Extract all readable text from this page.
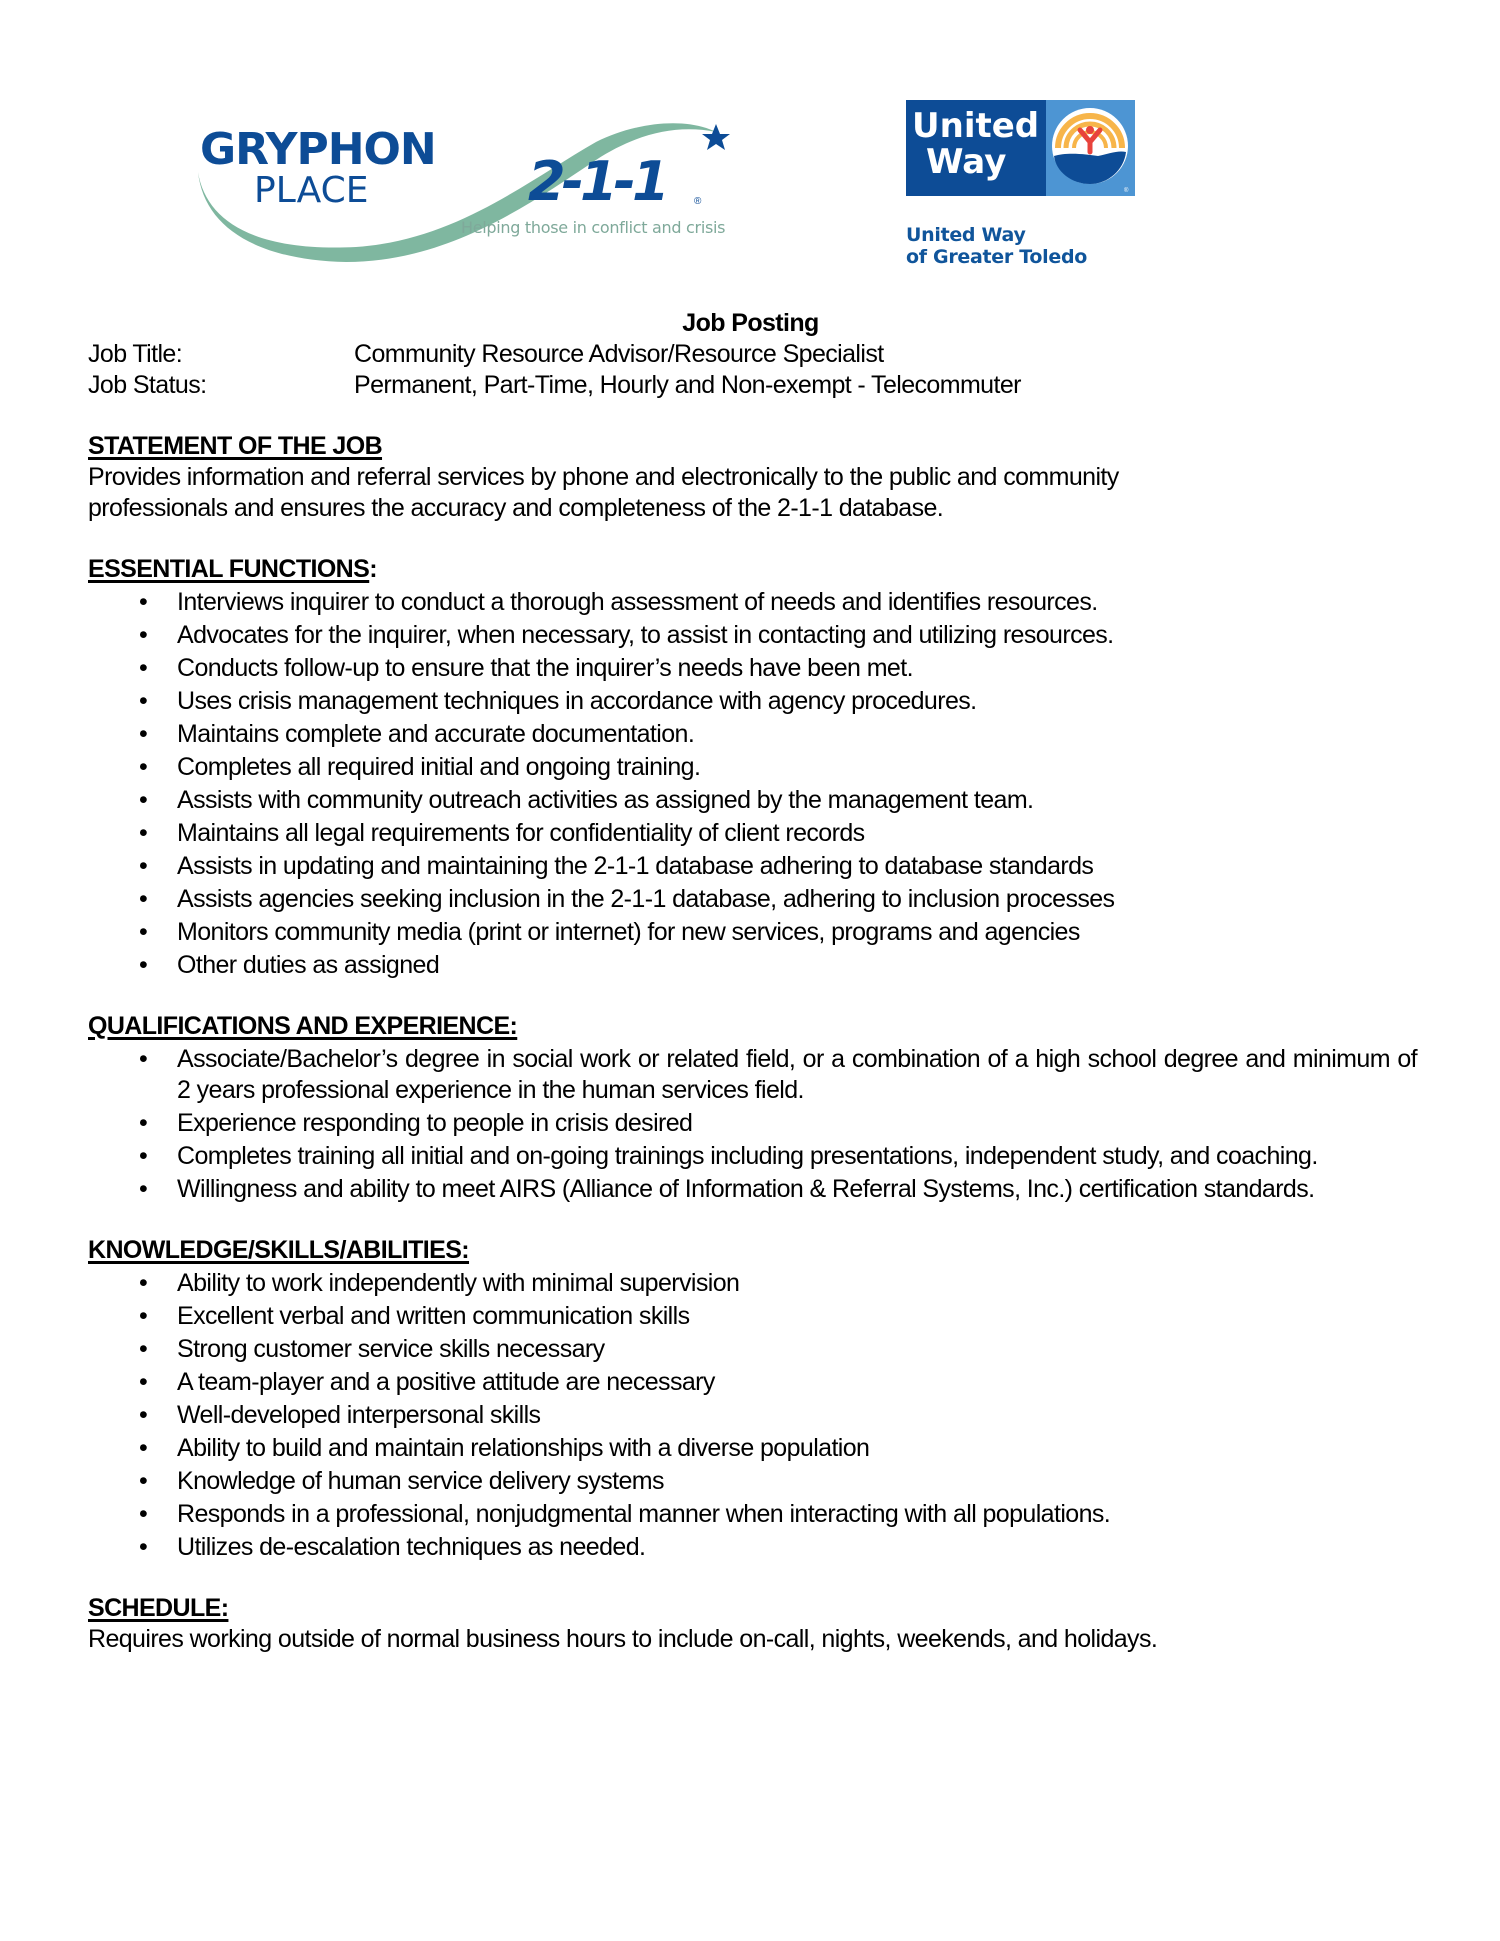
GRYPHON
PLACE	2-1-1	®
Helping those in conflict and crisis
United
Way
®
United Way
of Greater Toledo
Job Posting
Job Title:	Community Resource Advisor/Resource Specialist
Job Status:	Permanent, Part-Time, Hourly and Non-exempt - Telecommuter
STATEMENT OF THE JOB
Provides information and referral services by phone and electronically to the public and community
professionals and ensures the accuracy and completeness of the 2-1-1 database.
ESSENTIAL FUNCTIONS:
• Interviews inquirer to conduct a thorough assessment of needs and identifies resources.
• Advocates for the inquirer, when necessary, to assist in contacting and utilizing resources.
• Conducts follow-up to ensure that the inquirer’s needs have been met.
• Uses crisis management techniques in accordance with agency procedures.
• Maintains complete and accurate documentation.
• Completes all required initial and ongoing training.
• Assists with community outreach activities as assigned by the management team.
• Maintains all legal requirements for confidentiality of client records
• Assists in updating and maintaining the 2-1-1 database adhering to database standards
• Assists agencies seeking inclusion in the 2-1-1 database, adhering to inclusion processes
• Monitors community media (print or internet) for new services, programs and agencies
• Other duties as assigned
QUALIFICATIONS AND EXPERIENCE:
• Associate/Bachelor’s degree in social work or related field, or a combination of a high school degree and minimum of 2 years professional experience in the human services field.
• Experience responding to people in crisis desired
• Completes training all initial and on-going trainings including presentations, independent study, and coaching.
• Willingness and ability to meet AIRS (Alliance of Information & Referral Systems, Inc.) certification standards.
KNOWLEDGE/SKILLS/ABILITIES:
• Ability to work independently with minimal supervision
• Excellent verbal and written communication skills
• Strong customer service skills necessary
• A team-player and a positive attitude are necessary
• Well-developed interpersonal skills
• Ability to build and maintain relationships with a diverse population
• Knowledge of human service delivery systems
• Responds in a professional, nonjudgmental manner when interacting with all populations.
• Utilizes de-escalation techniques as needed.
SCHEDULE:
Requires working outside of normal business hours to include on-call, nights, weekends, and holidays.
